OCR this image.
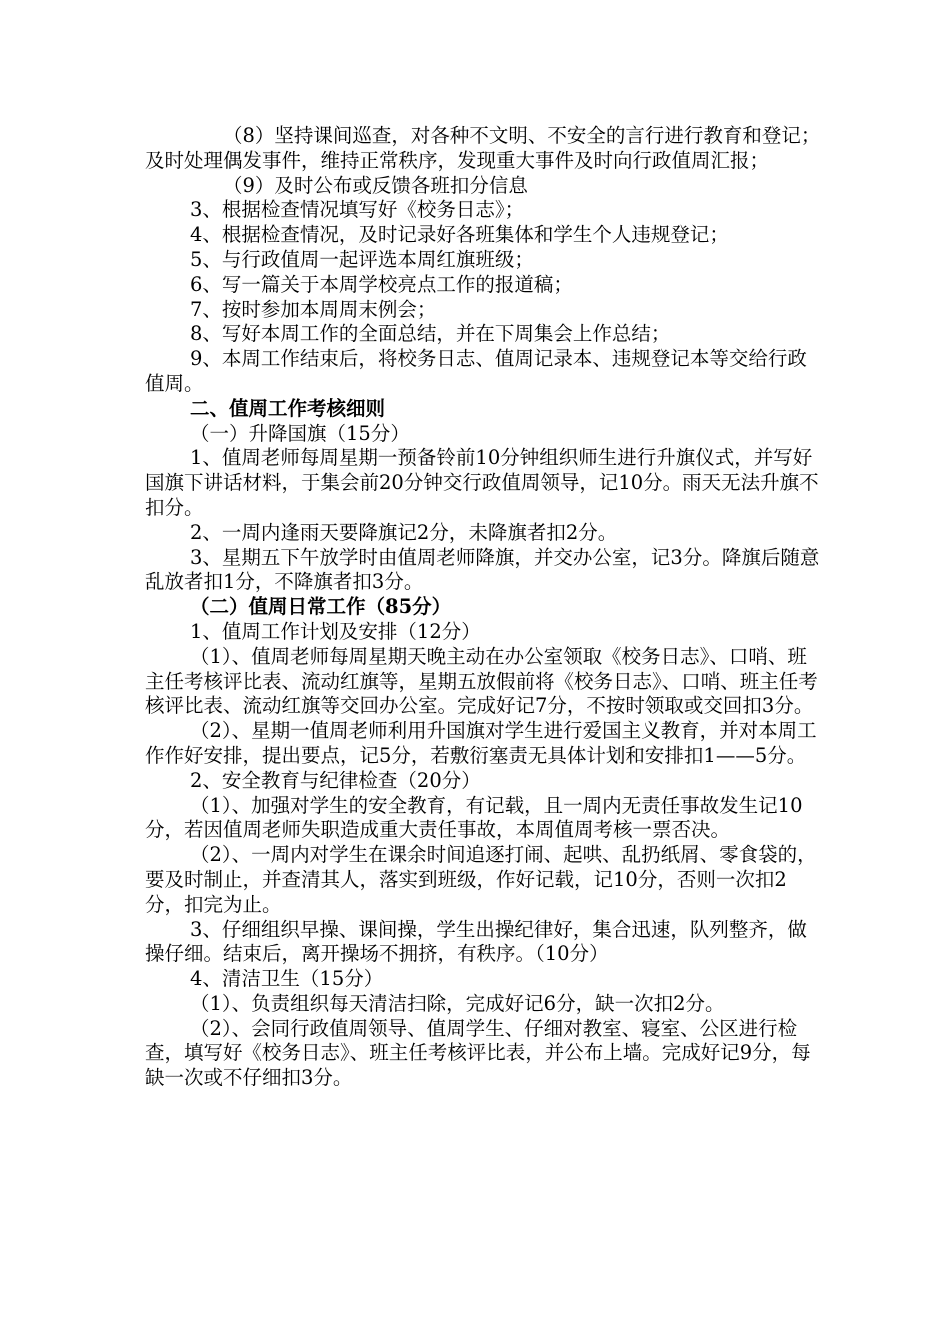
（8）坚持课间巡查，对各种不文明、不安全的言行进行教育和登记；及时处理偶发事件，维持正常秩序，发现重大事件及时向行政值周汇报；

（9）及时公布或反馈各班扣分信息

3、根据检查情况填写好《校务日志》；

4、根据检查情况，及时记录好各班集体和学生个人违规登记；

5、与行政值周一起评选本周红旗班级；

6、写一篇关于本周学校亮点工作的报道稿；

7、按时参加本周周末例会；

8、写好本周工作的全面总结，并在下周集会上作总结；

9、本周工作结束后，将校务日志、值周记录本、违规登记本等交给行政值周。

二、值周工作考核细则

（一）升降国旗（15分）

1、值周老师每周星期一预备铃前10分钟组织师生进行升旗仪式，并写好国旗下讲话材料，于集会前20分钟交行政值周领导，记10分。雨天无法升旗不扣分。

2、一周内逢雨天要降旗记2分，未降旗者扣2分。

3、星期五下午放学时由值周老师降旗，并交办公室，记3分。降旗后随意乱放者扣1分，不降旗者扣3分。

（二）值周日常工作（85分）

1、值周工作计划及安排（12分）

（1）、值周老师每周星期天晚主动在办公室领取《校务日志》、口哨、班主任考核评比表、流动红旗等，星期五放假前将《校务日志》、口哨、班主任考核评比表、流动红旗等交回办公室。完成好记7分，不按时领取或交回扣3分。

（2）、星期一值周老师利用升国旗对学生进行爱国主义教育，并对本周工作作好安排，提出要点，记5分，若敷衍塞责无具体计划和安排扣1——5分。

2、安全教育与纪律检查（20分）

（1）、加强对学生的安全教育，有记载，且一周内无责任事故发生记10分，若因值周老师失职造成重大责任事故，本周值周考核一票否决。

（2）、一周内对学生在课余时间追逐打闹、起哄、乱扔纸屑、零食袋的，要及时制止，并查清其人，落实到班级，作好记载，记10分，否则一次扣2分，扣完为止。

3、仔细组织早操、课间操，学生出操纪律好，集合迅速，队列整齐，做操仔细。结束后，离开操场不拥挤，有秩序。（10分）

4、清洁卫生（15分）

（1）、负责组织每天清洁扫除，完成好记6分，缺一次扣2分。

（2）、会同行政值周领导、值周学生、仔细对教室、寝室、公区进行检查，填写好《校务日志》、班主任考核评比表，并公布上墙。完成好记9分，每缺一次或不仔细扣3分。
